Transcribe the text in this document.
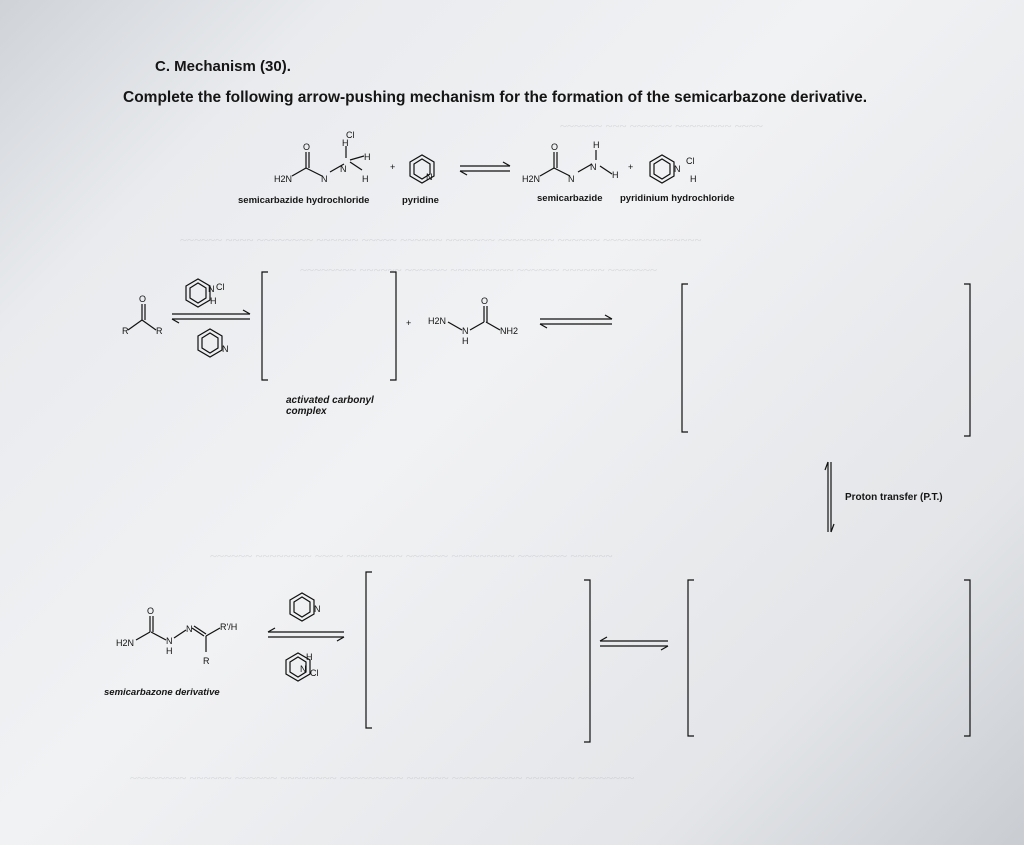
~~~~~~ ~~~ ~~~~~~ ~~~~~~~~ ~~~~
~~~~~~ ~~~~ ~~~~~~~~ ~~~~~~ ~~~~~ ~~~~~~ ~~~~~~~ ~~~~~~~~ ~~~~~~ ~~~~~~~~~~~~~~
~~~~~~~~ ~~~~~~ ~~~~~~ ~~~~~~~~~ ~~~~~~ ~~~~~~ ~~~~~~~
~~~~~~ ~~~~~~~~ ~~~~ ~~~~~~~~ ~~~~~~ ~~~~~~~~~ ~~~~~~~ ~~~~~~
~~~~~~~~ ~~~~~~ ~~~~~~ ~~~~~~~~ ~~~~~~~~~ ~~~~~~ ~~~~~~~~~~ ~~~~~~~ ~~~~~~~~
C. Mechanism (30).
Complete the following arrow-pushing mechanism for the formation of the semicarbazone derivative.
H2N
O
N
N
H
H
H
Cl
+
N	H2N
O
N
N
H
H
+	N
Cl
H
R	R
O
N Cl
H
N
+ H2N
N
H
O
NH2
H2N
O
N
H
N	R'/H
R
N
H
N Cl
semicarbazide hydrochloride	pyridine	semicarbazide pyridinium hydrochloride
activated carbonyl complex
Proton transfer (P.T.)
semicarbazone derivative
